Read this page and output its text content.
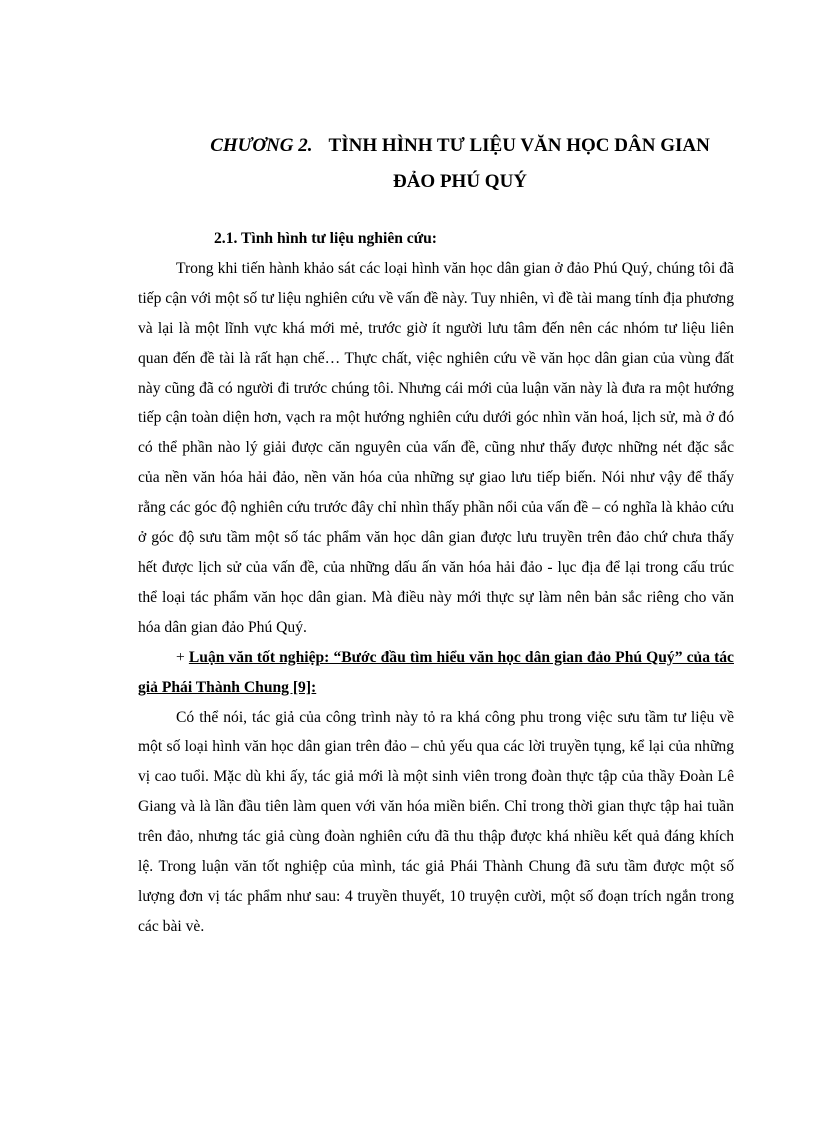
CHƯƠNG 2. TÌNH HÌNH TƯ LIỆU VĂN HỌC DÂN GIAN
ĐẢO PHÚ QUÝ

2.1. Tình hình tư liệu nghiên cứu:

Trong khi tiến hành khảo sát các loại hình văn học dân gian ở đảo Phú Quý, chúng tôi đã tiếp cận với một số tư liệu nghiên cứu về vấn đề này. Tuy nhiên, vì đề tài mang tính địa phương và lại là một lĩnh vực khá mới mẻ, trước giờ ít người lưu tâm đến nên các nhóm tư liệu liên quan đến đề tài là rất hạn chế… Thực chất, việc nghiên cứu về văn học dân gian của vùng đất này cũng đã có người đi trước chúng tôi. Nhưng cái mới của luận văn này là đưa ra một hướng tiếp cận toàn diện hơn, vạch ra một hướng nghiên cứu dưới góc nhìn văn hoá, lịch sử, mà ở đó có thể phần nào lý giải được căn nguyên của vấn đề, cũng như thấy được những nét đặc sắc của nền văn hóa hải đảo, nền văn hóa của những sự giao lưu tiếp biến. Nói như vậy để thấy rằng các góc độ nghiên cứu trước đây chỉ nhìn thấy phần nổi của vấn đề – có nghĩa là khảo cứu ở góc độ sưu tầm một số tác phẩm văn học dân gian được lưu truyền trên đảo chứ chưa thấy hết được lịch sử của vấn đề, của những dấu ấn văn hóa hải đảo - lục địa để lại trong cấu trúc thể loại tác phẩm văn học dân gian. Mà điều này mới thực sự làm nên bản sắc riêng cho văn hóa dân gian đảo Phú Quý.

+ Luận văn tốt nghiệp: “Bước đầu tìm hiểu văn học dân gian đảo Phú Quý” của tác giả Phái Thành Chung [9]:

Có thể nói, tác giả của công trình này tỏ ra khá công phu trong việc sưu tầm tư liệu về một số loại hình văn học dân gian trên đảo – chủ yếu qua các lời truyền tụng, kể lại của những vị cao tuổi. Mặc dù khi ấy, tác giả mới là một sinh viên trong đoàn thực tập của thầy Đoàn Lê Giang và là lần đầu tiên làm quen với văn hóa miền biển. Chỉ trong thời gian thực tập hai tuần trên đảo, nhưng tác giả cùng đoàn nghiên cứu đã thu thập được khá nhiều kết quả đáng khích lệ. Trong luận văn tốt nghiệp của mình, tác giả Phái Thành Chung đã sưu tầm được một số lượng đơn vị tác phẩm như sau: 4 truyền thuyết, 10 truyện cười, một số đoạn trích ngắn trong các bài vè.
